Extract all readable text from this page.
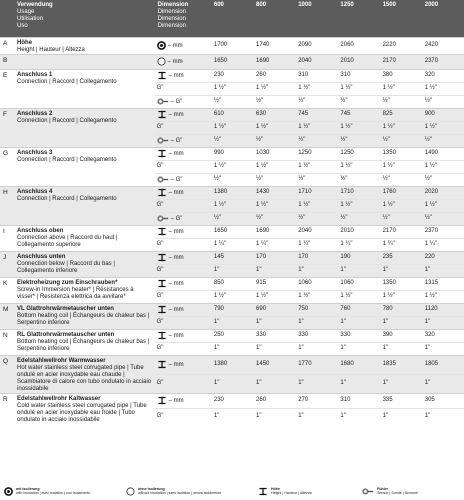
	Verwendung
Usage
Utilisation
Uso	Dimension
Dimension
Dimension
Dimension	600	800	1000	1250	1500	2000
A	Höhe
Height | Hauteur | Altezza	– mm	1700	1740	2090	2060	2220	2420
B		– mm	1650	1690	2040	2010	2170	2370
E	Anschluss 1
Connection | Raccord | Collegamento	– mm	230	260	310	310	380	320
		G"	1 ½"	1 ½"	1 ½"	1 ½"	1 ½"	1 ½"

– G"	½"	½"	½"	½"	½"	½"
F	Anschluss 2
Connection | Raccord | Collegamento	– mm	610	630	745	745	825	900
		G"	1 ½"	1 ½"	1 ½"	1 ½"	1 ½"	1 ½"

– G"	½"	½"	½"	½"	½"	½"
G	Anschluss 3
Connection | Raccord | Collegamento	– mm	990	1030	1250	1250	1350	1490
		G"	1 ½"	1 ½"	1 ½"	1 ½"	1 ½"	1 ½"

– G"	½"	½"	½"	½"	½"	½"
H	Anschluss 4
Connection | Raccord | Collegamento	– mm	1380	1430	1710	1710	1760	2020
		G"	1 ½"	1 ½"	1 ½"	1 ½"	1 ½"	1 ½"

– G"	½"	½"	½"	½"	½"	½"
I	Anschluss oben
Connection above | Raccord du haut | Collegamento superiore	– mm	1650	1690	2040	2010	2170	2370
		G"	1 ¼"	1 ¼"	1 ¼"	1 ¼"	1 ¼"	1 ¼"
J	Anschluss unten
Connection below | Raccord du bas | Collegamento inferiore	– mm	145	170	170	190	235	220
		G"	1"	1"	1"	1"	1"	1"
K	Elektroheizung zum Einschrauben*
Screw-in Immersion heater* | Résistances à visser* | Resistenza elettrica da avvitare*	– mm	850	915	1060	1060	1350	1315
		G"	1 ½"	1 ½"	1 ½"	1 ½"	1 ½"	1 ½"
M	VL Glattrohrwärmetauscher unten
Bottom heating coil | Échangeurs de chaleur bas | Serpentino inferiore	– mm	790	690	750	760	780	1120
		G"	1"	1"	1"	1"	1"	1"
N	RL Glattrohrwärmetauscher unten
Bottom heating coil | Échangeurs de chaleur bas | Serpentino inferiore	– mm	250	330	330	330	390	320
		G"	1"	1"	1"	1"	1"	1"
Q	Edelstahlwellrohr Warmwasser
Hot water stainless steel corrugated pipe | Tube ondulé en acier inoxydable eau chaude | Scambiatore di calore con tubo ondulato in acciaio inossidabile	– mm	1380	1450	1770	1680	1835	1805
		G"	1"	1"	1"	1"	1"	1"
R	Edelstahlwellrohr Kaltwasser
Cold water stainless steel corrugated pipe | Tube ondulé en acier inoxydable eau froide | Tubo ondulato in acciaio inossidabile	– mm	230	260	270	310	335	305
		G"	1"	1"	1"	1"	1"	1"
mit Isolierung
with insulation | avec isolation | con isolamento
ohne Isolierung
without insulation | sans isolation | senza isolamento
Höhe
Height | Hauteur | Altezza
Fühler
Sensor | Sonde | Sensore
